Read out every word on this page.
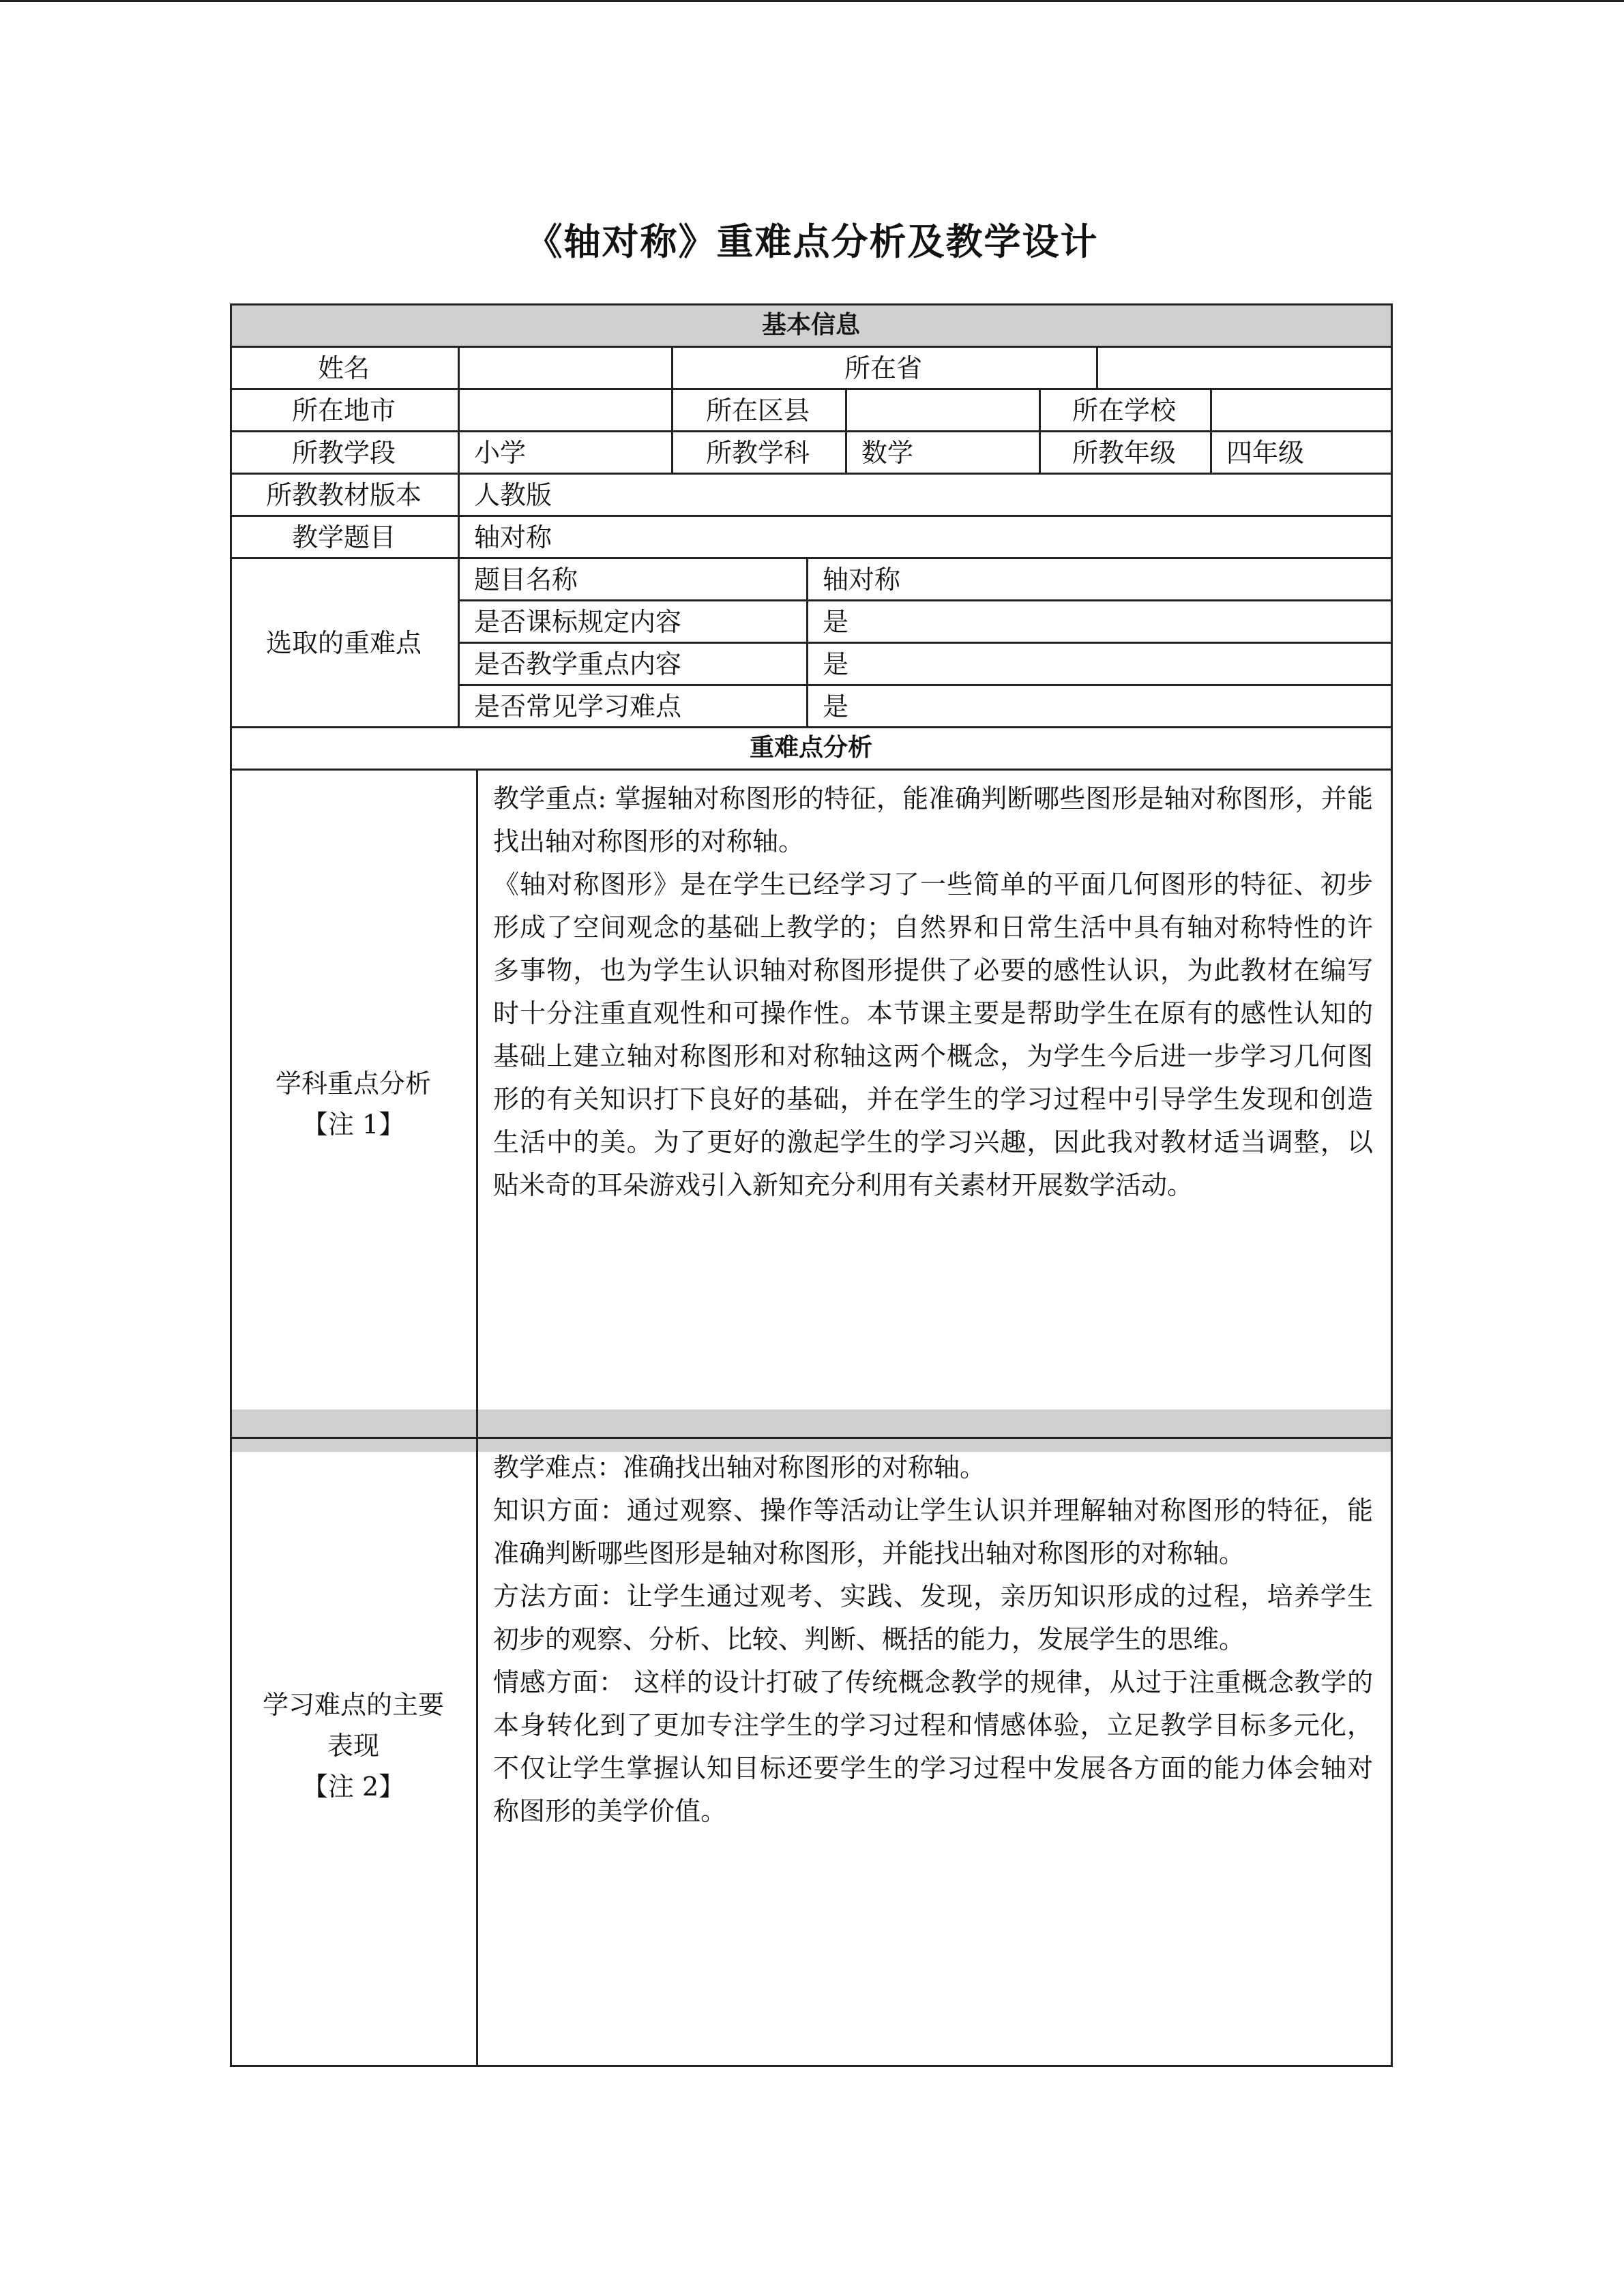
《轴对称》重难点分析及教学设计
基本信息
姓名	所在省
所在地市	所在区县	所在学校
所教学段	小学	所教学科 数学	所教年级 四年级
所教教材版本 人教版
教学题目	轴对称
选取的重难点
题目名称	轴对称
是否课标规定内容	是
是否教学重点内容	是
是否常见学习难点	是
重难点分析
学科重点分析
【注 1】

教学重点: 掌握轴对称图形的特征，能准确判断哪些图形是轴对称图形，并能找出轴对称图形的对称轴。

《轴对称图形》是在学生已经学习了一些简单的平面几何图形的特征、初步形成了空间观念的基础上教学的；自然界和日常生活中具有轴对称特性的许多事物，也为学生认识轴对称图形提供了必要的感性认识，为此教材在编写时十分注重直观性和可操作性。本节课主要是帮助学生在原有的感性认知的基础上建立轴对称图形和对称轴这两个概念，为学生今后进一步学习几何图形的有关知识打下良好的基础，并在学生的学习过程中引导学生发现和创造生活中的美。为了更好的激起学生的学习兴趣，因此我对教材适当调整，以贴米奇的耳朵游戏引入新知充分利用有关素材开展数学活动。

学习难点的主要
表现
【注 2】

教学难点：准确找出轴对称图形的对称轴。

知识方面：通过观察、操作等活动让学生认识并理解轴对称图形的特征，能准确判断哪些图形是轴对称图形，并能找出轴对称图形的对称轴。

方法方面：让学生通过观考、实践、发现，亲历知识形成的过程，培养学生初步的观察、分析、比较、判断、概括的能力，发展学生的思维。

情感方面： 这样的设计打破了传统概念教学的规律，从过于注重概念教学的本身转化到了更加专注学生的学习过程和情感体验，立足教学目标多元化，不仅让学生掌握认知目标还要学生的学习过程中发展各方面的能力体会轴对称图形的美学价值。
